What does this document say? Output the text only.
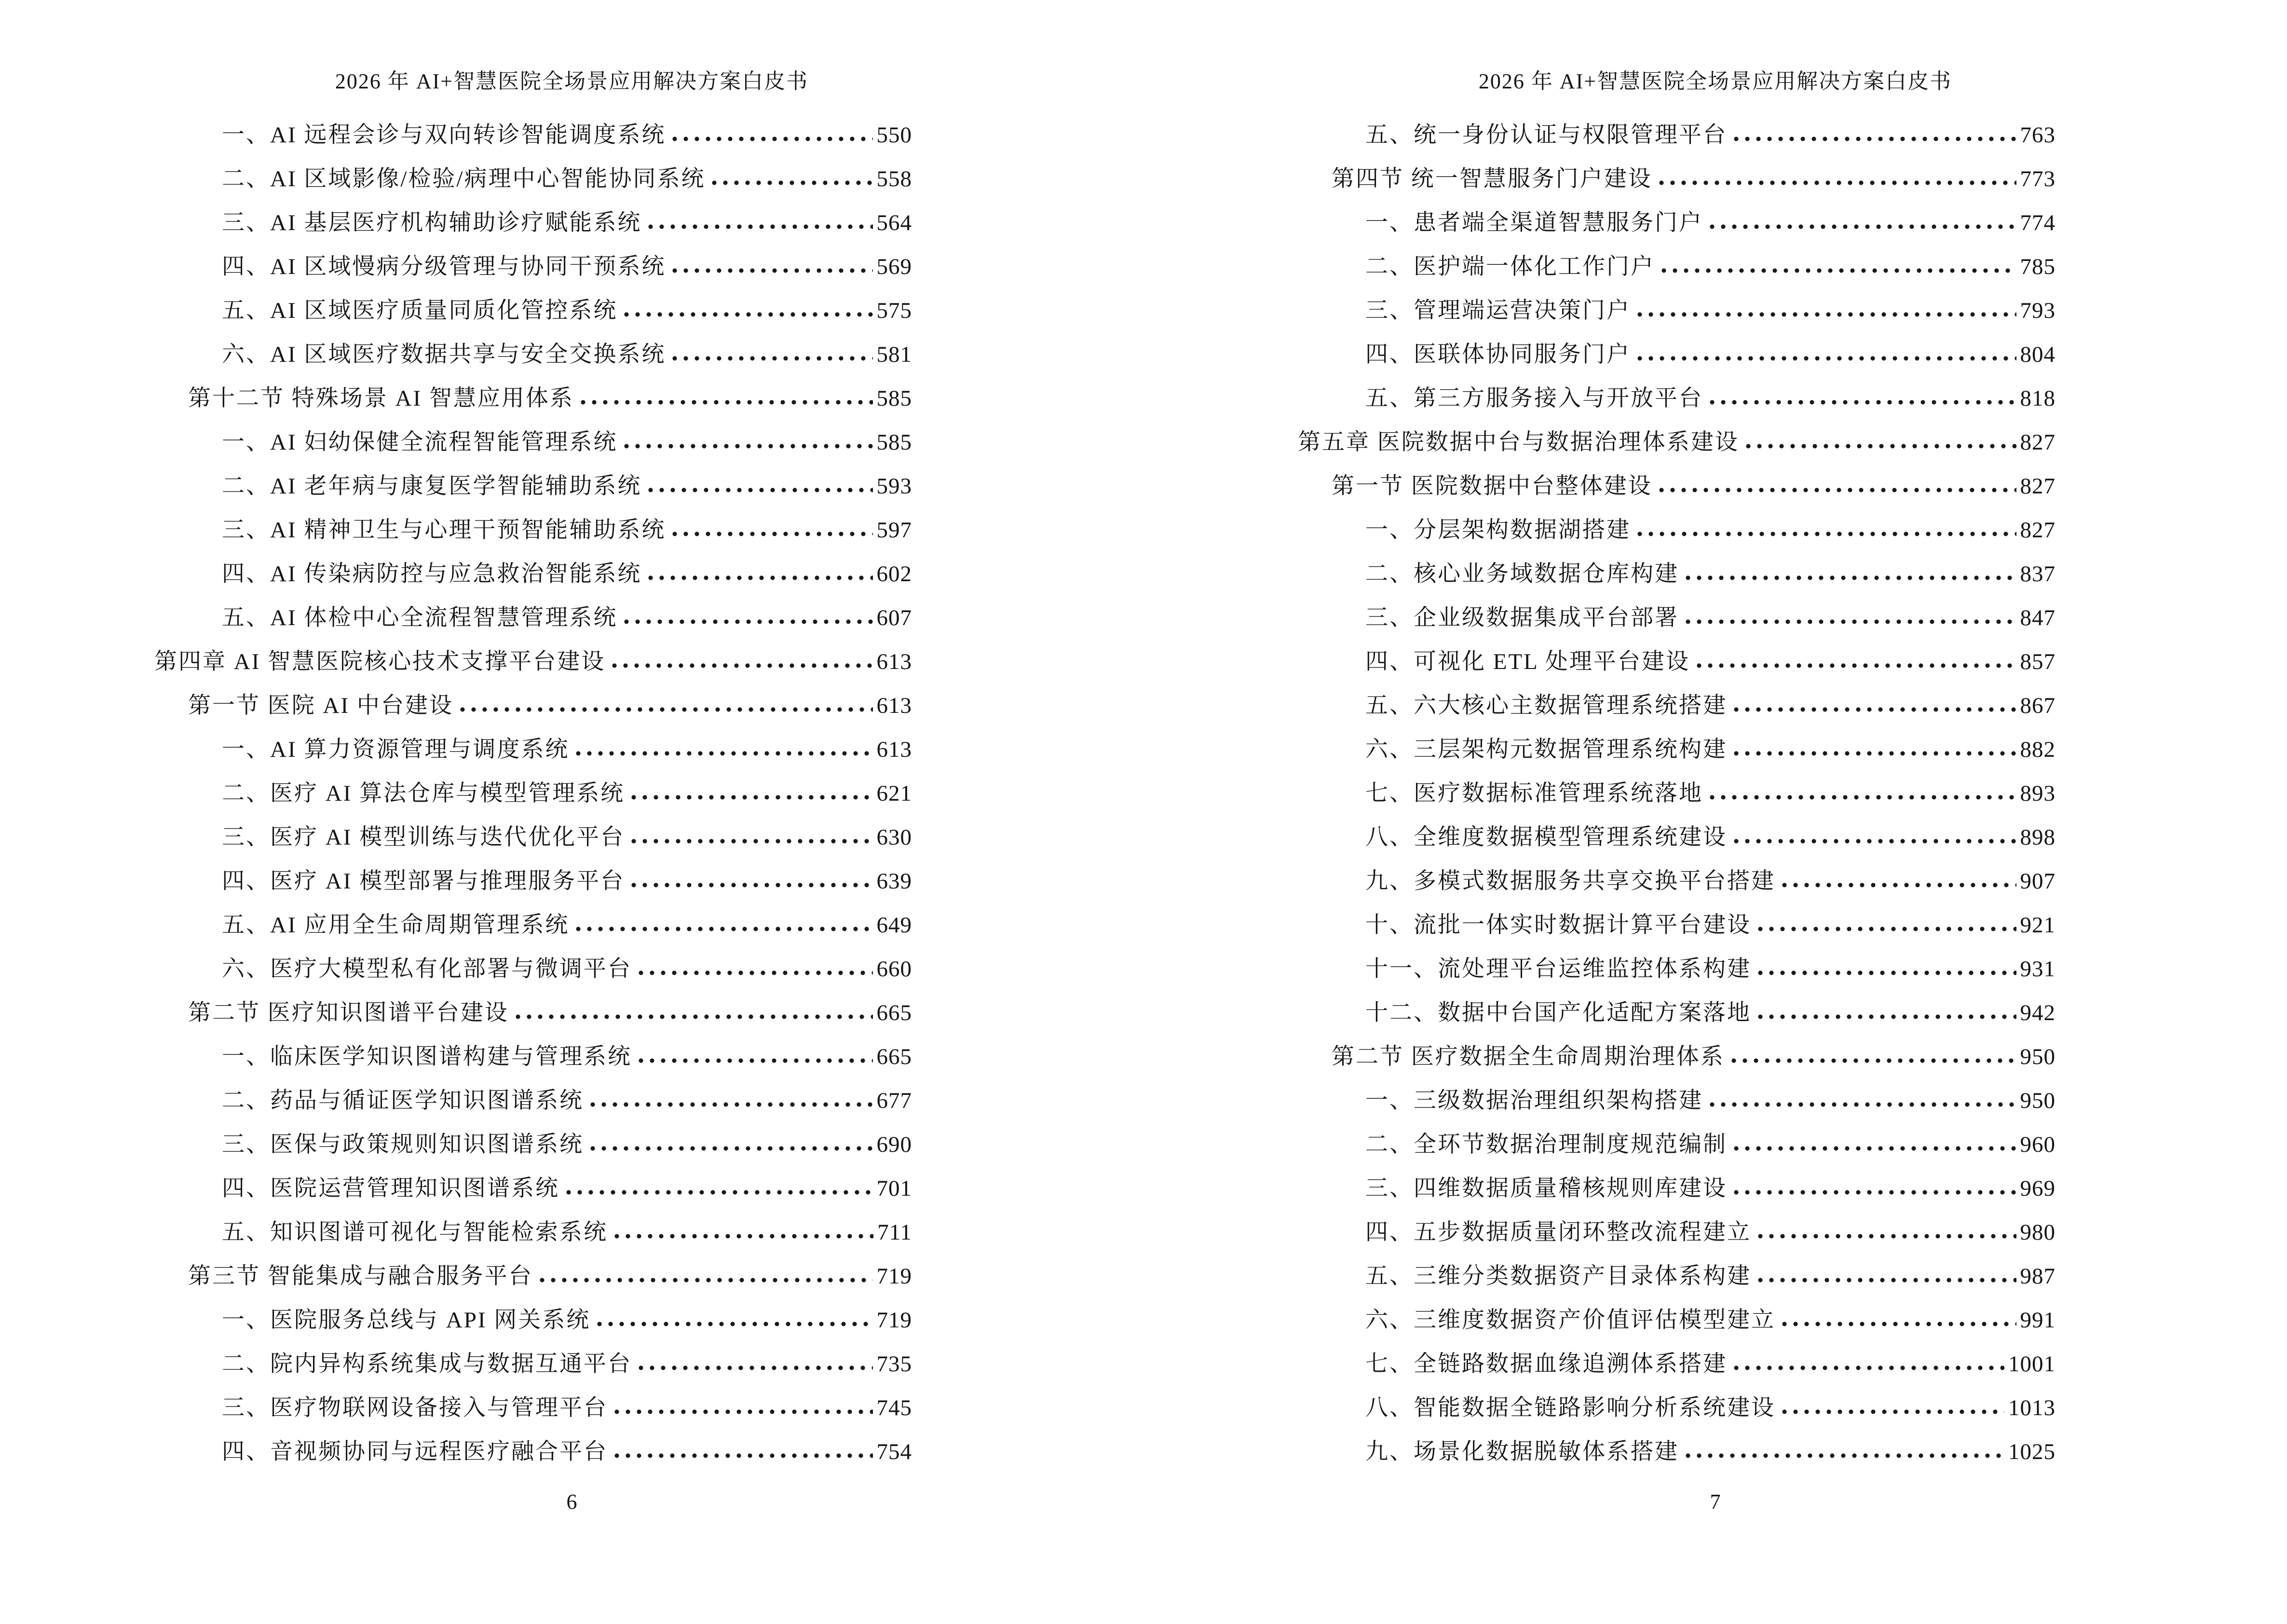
2026 年 AI+智慧医院全场景应用解决方案白皮书
一、AI 远程会诊与双向转诊智能调度系统	550
二、AI 区域影像/检验/病理中心智能协同系统	558
三、AI 基层医疗机构辅助诊疗赋能系统	564
四、AI 区域慢病分级管理与协同干预系统	569
五、AI 区域医疗质量同质化管控系统	575
六、AI 区域医疗数据共享与安全交换系统	581
第十二节 特殊场景 AI 智慧应用体系	585
一、AI 妇幼保健全流程智能管理系统	585
二、AI 老年病与康复医学智能辅助系统	593
三、AI 精神卫生与心理干预智能辅助系统	597
四、AI 传染病防控与应急救治智能系统	602
五、AI 体检中心全流程智慧管理系统	607
第四章 AI 智慧医院核心技术支撑平台建设	613
第一节 医院 AI 中台建设	613
一、AI 算力资源管理与调度系统	613
二、医疗 AI 算法仓库与模型管理系统	621
三、医疗 AI 模型训练与迭代优化平台	630
四、医疗 AI 模型部署与推理服务平台	639
五、AI 应用全生命周期管理系统	649
六、医疗大模型私有化部署与微调平台	660
第二节 医疗知识图谱平台建设	665
一、临床医学知识图谱构建与管理系统	665
二、药品与循证医学知识图谱系统	677
三、医保与政策规则知识图谱系统	690
四、医院运营管理知识图谱系统	701
五、知识图谱可视化与智能检索系统	711
第三节 智能集成与融合服务平台	719
一、医院服务总线与 API 网关系统	719
二、院内异构系统集成与数据互通平台	735
三、医疗物联网设备接入与管理平台	745
四、音视频协同与远程医疗融合平台	754
6
2026 年 AI+智慧医院全场景应用解决方案白皮书
五、统一身份认证与权限管理平台	763
第四节 统一智慧服务门户建设	773
一、患者端全渠道智慧服务门户	774
二、医护端一体化工作门户	785
三、管理端运营决策门户	793
四、医联体协同服务门户	804
五、第三方服务接入与开放平台	818
第五章 医院数据中台与数据治理体系建设	827
第一节 医院数据中台整体建设	827
一、分层架构数据湖搭建	827
二、核心业务域数据仓库构建	837
三、企业级数据集成平台部署	847
四、可视化 ETL 处理平台建设	857
五、六大核心主数据管理系统搭建	867
六、三层架构元数据管理系统构建	882
七、医疗数据标准管理系统落地	893
八、全维度数据模型管理系统建设	898
九、多模式数据服务共享交换平台搭建	907
十、流批一体实时数据计算平台建设	921
十一、流处理平台运维监控体系构建	931
十二、数据中台国产化适配方案落地	942
第二节 医疗数据全生命周期治理体系	950
一、三级数据治理组织架构搭建	950
二、全环节数据治理制度规范编制	960
三、四维数据质量稽核规则库建设	969
四、五步数据质量闭环整改流程建立	980
五、三维分类数据资产目录体系构建	987
六、三维度数据资产价值评估模型建立	991
七、全链路数据血缘追溯体系搭建	1001
八、智能数据全链路影响分析系统建设	1013
九、场景化数据脱敏体系搭建	1025
7
